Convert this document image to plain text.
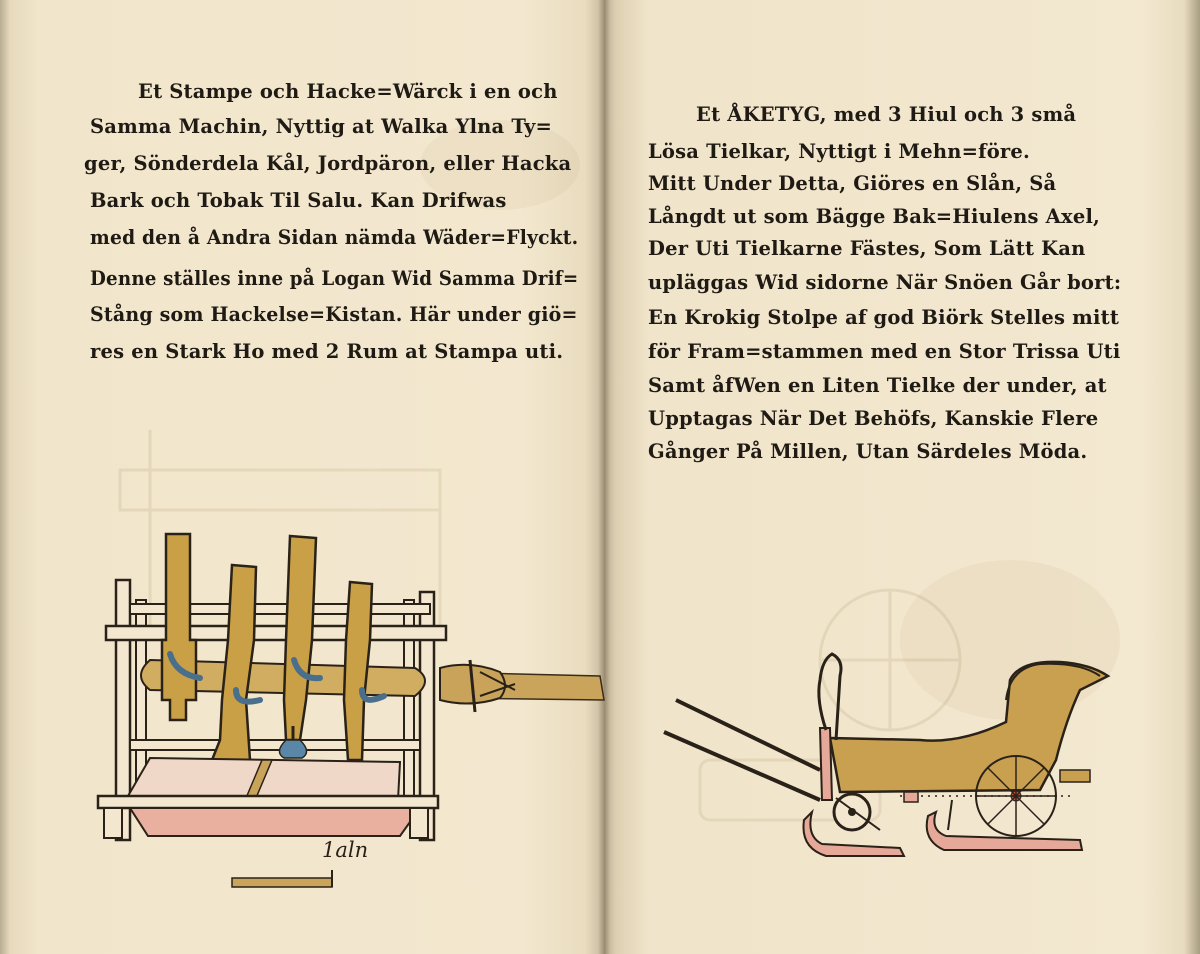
Et Stampe och Hacke=Wärck i en och
Samma Machin, Nyttig at Walka Ylna Ty=
ger, Sönderdela Kål, Jordpäron, eller Hacka
Bark och Tobak Til Salu. Kan Drifwas
med den å Andra Sidan nämda Wäder=Flyckt.
Denne ställes inne på Logan Wid Samma Drif=
Stång som Hackelse=Kistan. Här under giö=
res en Stark Ho med 2 Rum at Stampa uti.
Et ÅKETYG, med 3 Hiul och 3 små
Lösa Tielkar, Nyttigt i Mehn=före.
Mitt Under Detta, Giöres en Slån, Så
Långdt ut som Bägge Bak=Hiulens Axel,
Der Uti Tielkarne Fästes, Som Lätt Kan
upläggas Wid sidorne När Snöen Går bort:
En Krokig Stolpe af god Biörk Stelles mitt
för Fram=stammen med en Stor Trissa Uti
Samt åfWen en Liten Tielke der under, at
Upptagas När Det Behöfs, Kanskie Flere
Gånger På Millen, Utan Särdeles Möda.
1aln
